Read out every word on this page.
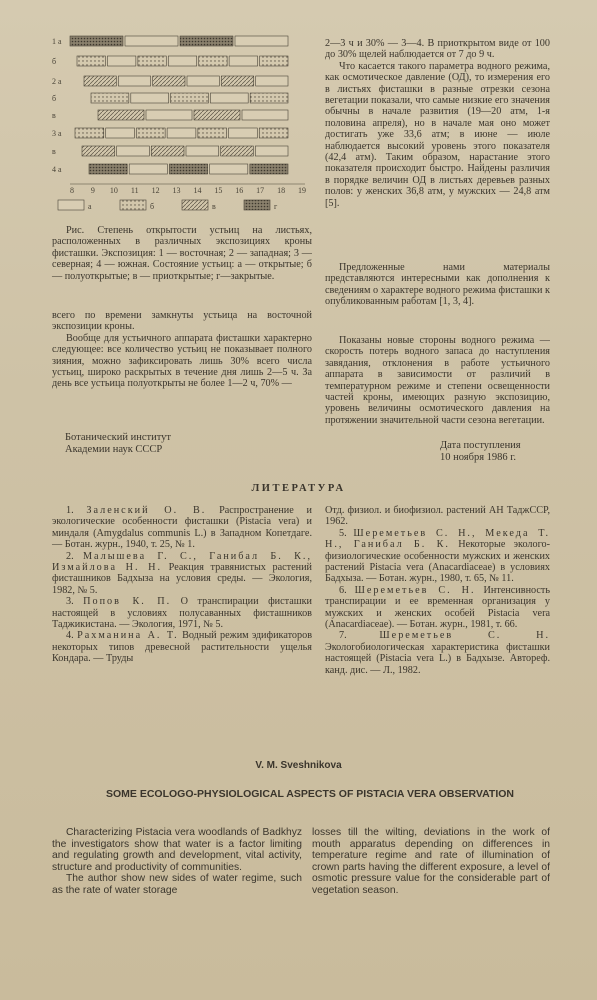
1 а
б
2 а
б
в
3 а
в
4 а
8 9 10 11 12 13 14 15 16 17 18 19
а	б	в	г

Рис. Степень открытости устьиц на листьях, расположенных в различных экспозициях кроны фисташки. Экспозиция: 1 — восточная; 2 — западная; 3 — северная; 4 — южная. Состояние устьиц: а — открытые; б — полуоткрытые; в — приоткрытые; г—закрытые.

всего по времени замкнуты устьица на восточной экспозиции кроны.

Вообще для устьичного аппарата фисташки характерно следующее: все количество устьиц не показывает полного зияния, можно зафиксировать лишь 30% всего числа устьиц, широко раскрытых в течение дня лишь 2—5 ч. За день все устьица полуоткрыты не более 1—2 ч, 70% —

2—3 ч и 30% — 3—4. В приоткрытом виде от 100 до 30% щелей наблюдается от 7 до 9 ч.

Что касается такого параметра водного режима, как осмотическое давление (ОД), то измерения его в листьях фисташки в разные отрезки сезона вегетации показали, что самые низкие его значения обычны в начале развития (19—20 атм, 1-я половина апреля), но в начале мая оно может достигать уже 33,6 атм; в июне — июле наблюдается высокий уровень этого показателя (42,4 атм). Таким образом, нарастание этого показателя происходит быстро. Найдены различия в порядке величин ОД в листьях деревьев разных полов: у женских 36,8 атм, у мужских — 24,8 атм [5].

Предложенные нами материалы представляются интересными как дополнения к сведениям о характере водного режима фисташки к опубликованным работам [1, 3, 4].

Показаны новые стороны водного режима — скорость потерь водного запаса до наступления завядания, отклонения в работе устьичного аппарата в зависимости от различий в температурном режиме и степени освещенности частей кроны, имеющих разную экспозицию, уровень величины осмотического давления на протяжении значительной части сезона вегетации.

Ботанический институт
Академии наук СССР	Дата поступления
10 ноября 1986 г.
ЛИТЕРАТУРА

1. Заленский О. В. Распространение и экологические особенности фисташки (Pistacia vera) и миндаля (Amygdalus communis L.) в Западном Копетдаге. — Ботан. журн., 1940, т. 25, № 1.

2. Малышева Г. С., Ганибал Б. К., Измайлова Н. Н. Реакция травянистых растений фисташников Бадхыза на условия среды. — Экология, 1982, № 5.

3. Попов К. П. О транспирации фисташки настоящей в условиях полусаванных фисташников Таджикистана. — Экология, 1971, № 5.

4. Рахманина А. Т. Водный режим эдификаторов некоторых типов древесной растительности ущелья Кондара. — Труды

Отд. физиол. и биофизиол. растений АН ТаджССР, 1962.

5. Шереметьев С. Н., Мекеда Т. Н., Ганибал Б. К. Некоторые эколого-физиологические особенности мужских и женских растений Pistacia vera (Anacardiaceae) в условиях Бадхыза. — Ботан. журн., 1980, т. 65, № 11.

6. Шереметьев С. Н. Интенсивность транспирации и ее временная организация у мужских и женских особей Pistacia vera (Anacardiaceae). — Ботан. журн., 1981, т. 66.

7. Шереметьев С. Н. Экологобиологическая характеристика фисташки настоящей (Pistacia vera L.) в Бадхызе. Автореф. канд. дис. — Л., 1982.

V. M. Sveshnikova
SOME ECOLOGO-PHYSIOLOGICAL ASPECTS OF PISTACIA VERA OBSERVATION

Characterizing Pistacia vera woodlands of Badkhyz the investigators show that water is a factor limiting and regulating growth and development, vital activity, structure and productivity of communities.

The author show new sides of water regime, such as the rate of water storage

losses till the wilting, deviations in the work of mouth apparatus depending on differences in temperature regime and rate of illumination of crown parts having the different exposure, a level of osmotic pressure value for the considerable part of vegetation season.
